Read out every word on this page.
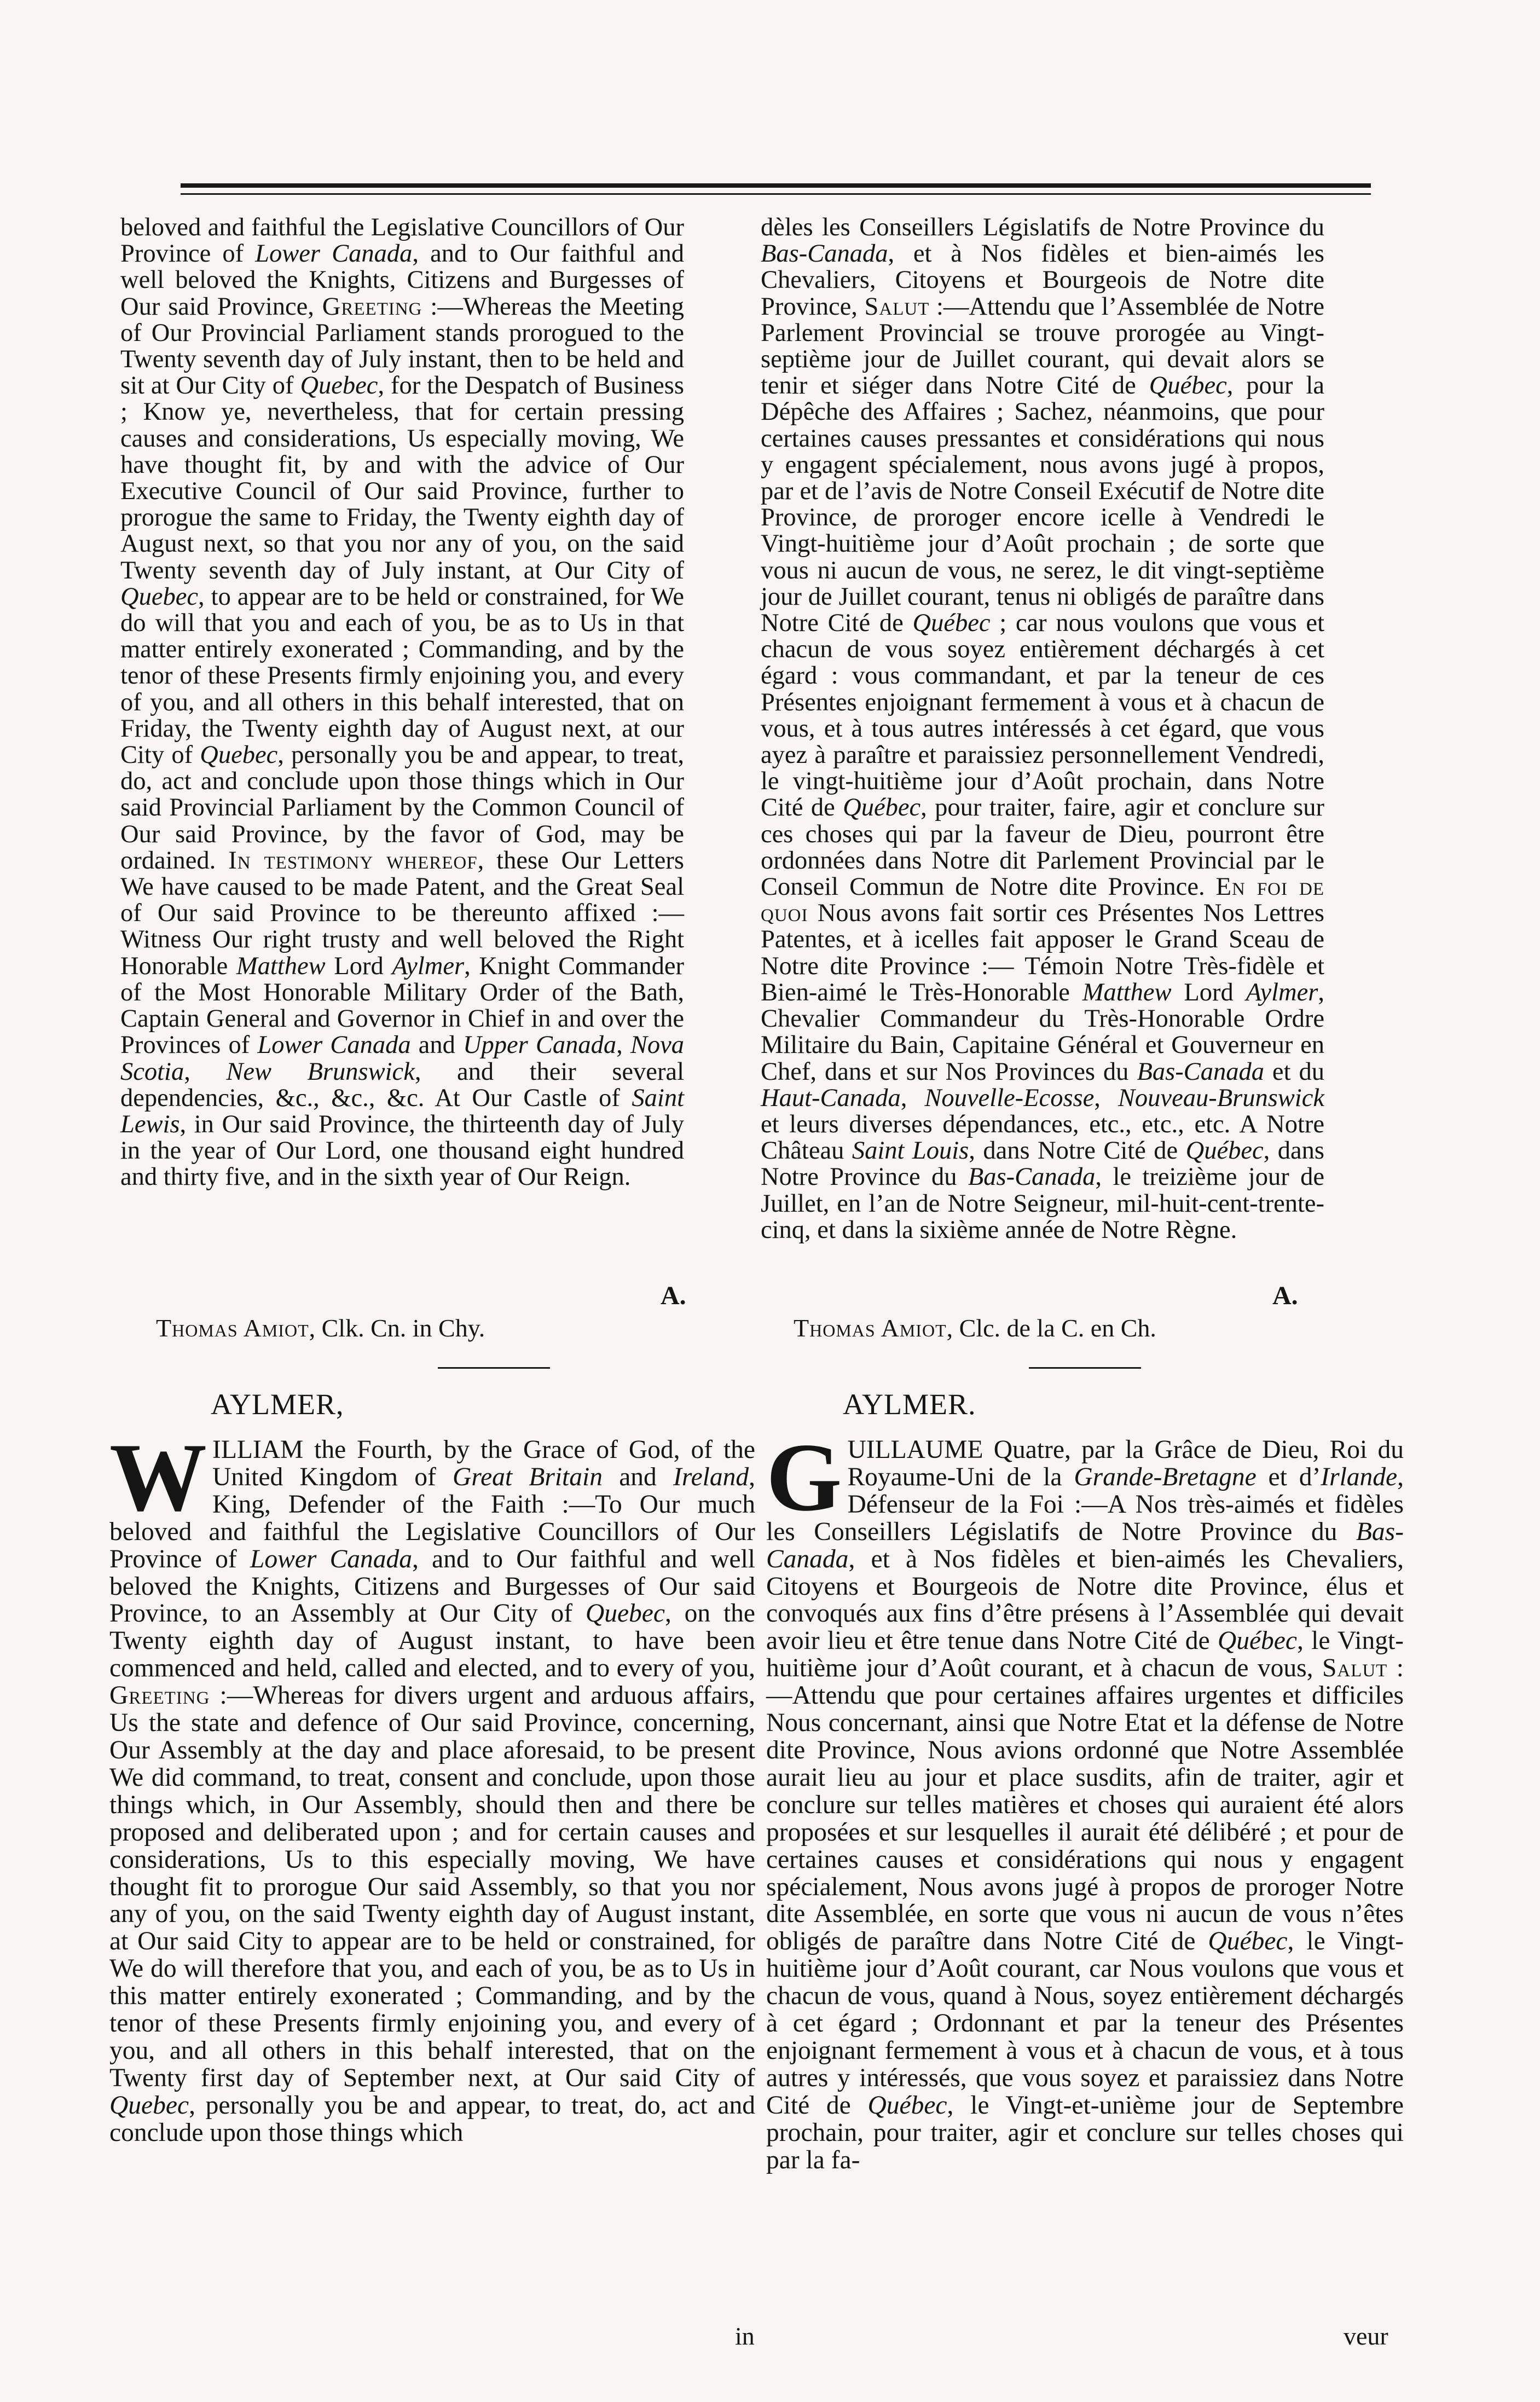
beloved and faithful the Legislative Councillors of Our Province of Lower Canada, and to Our faithful and well beloved the Knights, Citizens and Burgesses of Our said Province, Greeting :—Whereas the Meeting of Our Provincial Parliament stands prorogued to the Twenty seventh day of July instant, then to be held and sit at Our City of Quebec, for the Despatch of Business ; Know ye, nevertheless, that for certain pressing causes and considerations, Us especially moving, We have thought fit, by and with the advice of Our Executive Council of Our said Province, further to prorogue the same to Friday, the Twenty eighth day of August next, so that you nor any of you, on the said Twenty seventh day of July instant, at Our City of Quebec, to appear are to be held or constrained, for We do will that you and each of you, be as to Us in that matter entirely exonerated ; Commanding, and by the tenor of these Presents firmly enjoining you, and every of you, and all others in this behalf interested, that on Friday, the Twenty eighth day of August next, at our City of Quebec, personally you be and appear, to treat, do, act and conclude upon those things which in Our said Provincial Parliament by the Common Council of Our said Province, by the favor of God, may be ordained. In testimony whereof, these Our Letters We have caused to be made Patent, and the Great Seal of Our said Province to be thereunto affixed :—Witness Our right trusty and well beloved the Right Honorable Matthew Lord Aylmer, Knight Commander of the Most Honorable Military Order of the Bath, Captain General and Governor in Chief in and over the Provinces of Lower Canada and Upper Canada, Nova Scotia, New Brunswick, and their several dependencies, &c., &c., &c. At Our Castle of Saint Lewis, in Our said Province, the thirteenth day of July in the year of Our Lord, one thousand eight hundred and thirty five, and in the sixth year of Our Reign.

dèles les Conseillers Législatifs de Notre Province du Bas-Canada, et à Nos fidèles et bien-aimés les Chevaliers, Citoyens et Bourgeois de Notre dite Province, Salut :—Attendu que l’Assemblée de Notre Parlement Provincial se trouve prorogée au Vingt-septième jour de Juillet courant, qui devait alors se tenir et siéger dans Notre Cité de Québec, pour la Dépêche des Affaires ; Sachez, néanmoins, que pour certaines causes pressantes et considérations qui nous y engagent spécialement, nous avons jugé à propos, par et de l’avis de Notre Conseil Exécutif de Notre dite Province, de proroger encore icelle à Vendredi le Vingt-huitième jour d’Août prochain ; de sorte que vous ni aucun de vous, ne serez, le dit vingt-septième jour de Juillet courant, tenus ni obligés de paraître dans Notre Cité de Québec ; car nous voulons que vous et chacun de vous soyez entièrement déchargés à cet égard : vous commandant, et par la teneur de ces Présentes enjoignant fermement à vous et à chacun de vous, et à tous autres intéressés à cet égard, que vous ayez à paraître et paraissiez personnellement Vendredi, le vingt-huitième jour d’Août prochain, dans Notre Cité de Québec, pour traiter, faire, agir et conclure sur ces choses qui par la faveur de Dieu, pourront être ordonnées dans Notre dit Parlement Provincial par le Conseil Commun de Notre dite Province. En foi de quoi Nous avons fait sortir ces Présentes Nos Lettres Patentes, et à icelles fait apposer le Grand Sceau de Notre dite Province :— Témoin Notre Très-fidèle et Bien-aimé le Très-Honorable Matthew Lord Aylmer, Chevalier Commandeur du Très-Honorable Ordre Militaire du Bain, Capitaine Général et Gouverneur en Chef, dans et sur Nos Provinces du Bas-Canada et du Haut-Canada, Nouvelle-Ecosse, Nouveau-Brunswick et leurs diverses dépendances, etc., etc., etc. A Notre Château Saint Louis, dans Notre Cité de Québec, dans Notre Province du Bas-Canada, le treizième jour de Juillet, en l’an de Notre Seigneur, mil-huit-cent-trente-cinq, et dans la sixième année de Notre Règne.

A.	A.
Thomas Amiot, Clk. Cn. in Chy.	Thomas Amiot, Clc. de la C. en Ch.
AYLMER,	AYLMER.

WILLIAM the Fourth, by the Grace of God, of the United Kingdom of Great Britain and Ireland, King, Defender of the Faith :—To Our much beloved and faithful the Legislative Councillors of Our Province of Lower Canada, and to Our faithful and well beloved the Knights, Citizens and Burgesses of Our said Province, to an Assembly at Our City of Quebec, on the Twenty eighth day of August instant, to have been commenced and held, called and elected, and to every of you, Greeting :—Whereas for divers urgent and arduous affairs, Us the state and defence of Our said Province, concerning, Our Assembly at the day and place aforesaid, to be present We did command, to treat, consent and conclude, upon those things which, in Our Assembly, should then and there be proposed and deliberated upon ; and for certain causes and considerations, Us to this especially moving, We have thought fit to prorogue Our said Assembly, so that you nor any of you, on the said Twenty eighth day of August instant, at Our said City to appear are to be held or constrained, for We do will therefore that you, and each of you, be as to Us in this matter entirely exonerated ; Commanding, and by the tenor of these Presents firmly enjoining you, and every of you, and all others in this behalf interested, that on the Twenty first day of September next, at Our said City of Quebec, personally you be and appear, to treat, do, act and conclude upon those things which

in

GUILLAUME Quatre, par la Grâce de Dieu, Roi du Royaume-Uni de la Grande-Bretagne et d’Irlande, Défenseur de la Foi :—A Nos très-aimés et fidèles les Conseillers Législatifs de Notre Province du Bas-Canada, et à Nos fidèles et bien-aimés les Chevaliers, Citoyens et Bourgeois de Notre dite Province, élus et convoqués aux fins d’être présens à l’Assemblée qui devait avoir lieu et être tenue dans Notre Cité de Québec, le Vingt-huitième jour d’Août courant, et à chacun de vous, Salut :—Attendu que pour certaines affaires urgentes et difficiles Nous concernant, ainsi que Notre Etat et la défense de Notre dite Province, Nous avions ordonné que Notre Assemblée aurait lieu au jour et place susdits, afin de traiter, agir et conclure sur telles matières et choses qui auraient été alors proposées et sur lesquelles il aurait été délibéré ; et pour de certaines causes et considérations qui nous y engagent spécialement, Nous avons jugé à propos de proroger Notre dite Assemblée, en sorte que vous ni aucun de vous n’êtes obligés de paraître dans Notre Cité de Québec, le Vingt-huitième jour d’Août courant, car Nous voulons que vous et chacun de vous, quand à Nous, soyez entièrement déchargés à cet égard ; Ordonnant et par la teneur des Présentes enjoignant fermement à vous et à chacun de vous, et à tous autres y intéressés, que vous soyez et paraissiez dans Notre Cité de Québec, le Vingt-et-unième jour de Septembre prochain, pour traiter, agir et conclure sur telles choses qui par la fa-

veur
